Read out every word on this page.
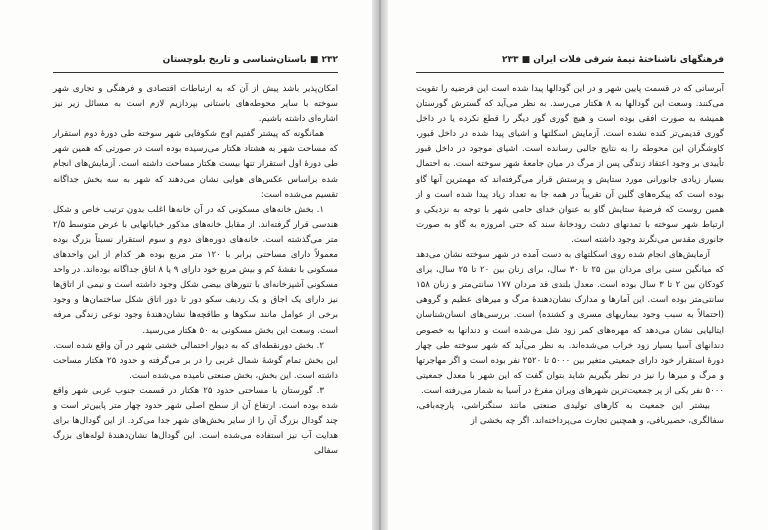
۲۳۲ ■ باستان‌شناسی و تاریخ بلوچستان

امکان‌پذیر باشد پیش از آن که به ارتباطات اقتصادی و فرهنگی و تجاری شهر سوخته با سایر محوطه‌های باستانی بپردازیم لازم است به مسائل زیر نیز اشاره‌ای داشته باشیم.

همانگونه که پیشتر گفتیم اوج شکوفایی شهر سوخته طی دورهٔ دوم استقرار که مساحت شهر به هشتاد هکتار می‌رسیده بوده است در صورتی که همین شهر طی دورهٔ اول استقرار تنها بیست هکتار مساحت داشته است. آزمایش‌های انجام شده براساس عکس‌های هوایی نشان می‌دهند که شهر به سه بخش جداگانه تقسیم می‌شده است:

۱. بخش خانه‌های مسکونی که در آن خانه‌ها اغلب بدون ترتیب خاص و شکل هندسی قرار گرفته‌اند. از مقابل خانه‌های مذکور خیابانهایی با عرض متوسط ۲/۵ متر می‌گذشته است. خانه‌های دوره‌های دوم و سوم استقرار نسبتاً بزرگ بوده معمولاً دارای مساحتی برابر با ۱۲۰ متر مربع بوده هر کدام از این واحدهای مسکونی با نقشهٔ کم و بیش مربع خود دارای ۹ یا ۸ اتاق جداگانه بوده‌اند. در واحد مسکونی آشپزخانه‌ای با تنورهای بیضی شکل وجود داشته است و نیمی از اتاق‌ها نیز دارای یک اجاق و یک ردیف سکو دور تا دور اتاق شکل ساختمان‌ها و وجود برخی از عوامل مانند سکوها و طاقچه‌ها نشان‌دهندهٔ وجود نوعی زندگی مرفه است. وسعت این بخش مسکونی به ۵۰ هکتار می‌رسید.

۲. بخش دورنقطه‌ای که به دیوار احتمالی خشتی شهر در آن واقع شده است. این بخش تمام گوشهٔ شمال غربی را در بر می‌گرفته و حدود ۲۵ هکتار مساحت داشته است. این بخش، بخش صنعتی نامیده می‌شده است.

۳. گورستان با مساحتی حدود ۲۵ هکتار در قسمت جنوب غربی شهر واقع شده بوده است. ارتفاع آن از سطح اصلی شهر حدود چهار متر پایین‌تر است و چند گودال بزرگ آن را از سایر بخش‌های شهر جدا می‌کرد. از این گودال‌ها برای هدایت آب نیز استفاده می‌شده است. این گودال‌ها نشان‌دهندهٔ لوله‌های بزرگ سفالی

فرهنگهای ناشناختهٔ نیمهٔ شرقی فلات ایران ■ ۲۳۳

آبرسانی که در قسمت پایین شهر و در این گودالها پیدا شده است این فرضیه را تقویت می‌کنند. وسعت این گودالها به ۸ هکتار می‌رسد. به نظر می‌آید که گسترش گورستان همیشه به صورت افقی بوده است و هیچ گوری گور دیگر را قطع نکرده یا در داخل گوری قدیمی‌تر کنده نشده است. آزمایش اسکلتها و اشیای پیدا شده در داخل قبور، کاوشگران این محوطه را به نتایج جالبی رسانده است. اشیای موجود در داخل قبور تأییدی بر وجود اعتقاد زندگی پس از مرگ در میان جامعهٔ شهر سوخته است. به احتمال بسیار زیادی جانورانی مورد ستایش و پرستش قرار می‌گرفته‌اند که مهمترین آنها گاو بوده است که پیکره‌های گلین آن تقریباً در همه جا به تعداد زیاد پیدا شده است و از همین روست که فرضیهٔ ستایش گاو به عنوان خدای حامی شهر با توجه به نزدیکی و ارتباط شهر سوخته با تمدنهای دشت رودخانهٔ سند که حتی امروزه به گاو به صورت جانوری مقدس می‌نگرند وجود داشته است.

آزمایش‌های انجام شده روی اسکلتهای به دست آمده در شهر سوخته نشان می‌دهد که میانگین سنی برای مردان بین ۲۵ تا ۳۰ سال، برای زنان بین ۲۰ تا ۲۵ سال، برای کودکان بین ۲ تا ۳ سال بوده است. معدل بلندی قد مردان ۱۷۷ سانتی‌متر و زنان ۱۵۸ سانتی‌متر بوده است. این آمارها و مدارک نشان‌دهندهٔ مرگ و میرهای عظیم و گروهی (احتمالاً به سبب وجود بیماریهای مسری و کشنده) است. بررسی‌های انسان‌شناسان ایتالیایی نشان می‌دهد که مهره‌های کمر زود شل می‌شده است و دندانها به خصوص دندانهای آسیا بسیار زود خراب می‌شده‌اند. به نظر می‌آید که شهر سوخته طی چهار دورهٔ استقرار خود دارای جمعیتی متغیر بین ۵۰۰۰ تا ۲۵۲۰ نفر بوده است و اگر مهاجرتها و مرگ و میرها را نیز در نظر بگیریم شاید بتوان گفت که این شهر با معدل جمعیتی ۵۰۰۰ نفر یکی از پر جمعیت‌ترین شهرهای ویران مفرغ در آسیا به شمار می‌رفته است.

بیشتر این جمعیت به کارهای تولیدی صنعتی مانند سنگتراشی، پارچه‌بافی، سفالگری، حصیربافی، و همچنین تجارت می‌پرداخته‌اند. اگر چه بخشی از
